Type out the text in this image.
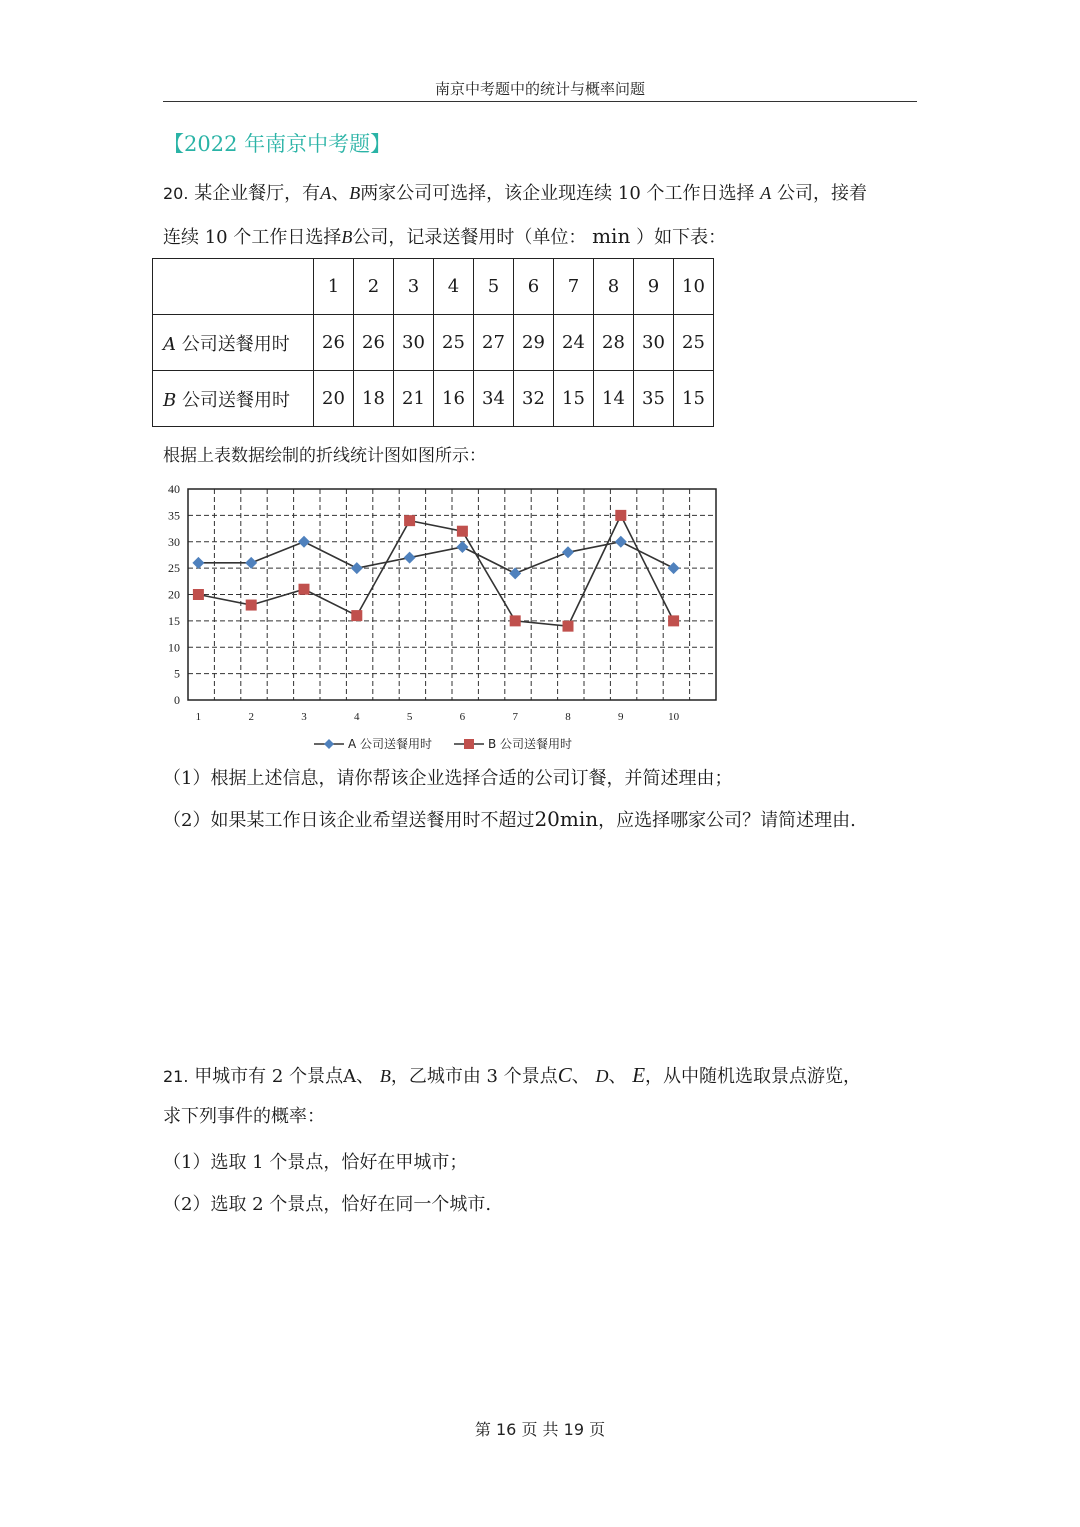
南京中考题中的统计与概率问题
【2022 年南京中考题】
20. 某企业餐厅，有A、B两家公司可选择，该企业现连续 10 个工作日选择 A 公司，接着
连续 10 个工作日选择B公司，记录送餐用时（单位： min ）如下表：
	1	2	3	4	5	6	7	8	9	10
A 公司送餐用时	26	26	30	25	27	29	24	28	30	25
B 公司送餐用时	20	18	21	16	34	32	15	14	35	15
根据上表数据绘制的折线统计图如图所示：
0
5
10
15
20
25
30
35
40
1	2	3	4	5	6	7	8	9	10
A 公司送餐用时	B 公司送餐用时
（1）根据上述信息，请你帮该企业选择合适的公司订餐，并简述理由；
（2）如果某工作日该企业希望送餐用时不超过20min，应选择哪家公司？请简述理由.
21. 甲城市有 2 个景点A、 B，乙城市由 3 个景点C、 D、 E，从中随机选取景点游览，
求下列事件的概率：
（1）选取 1 个景点，恰好在甲城市；
（2）选取 2 个景点，恰好在同一个城市.
第 16 页 共 19 页
